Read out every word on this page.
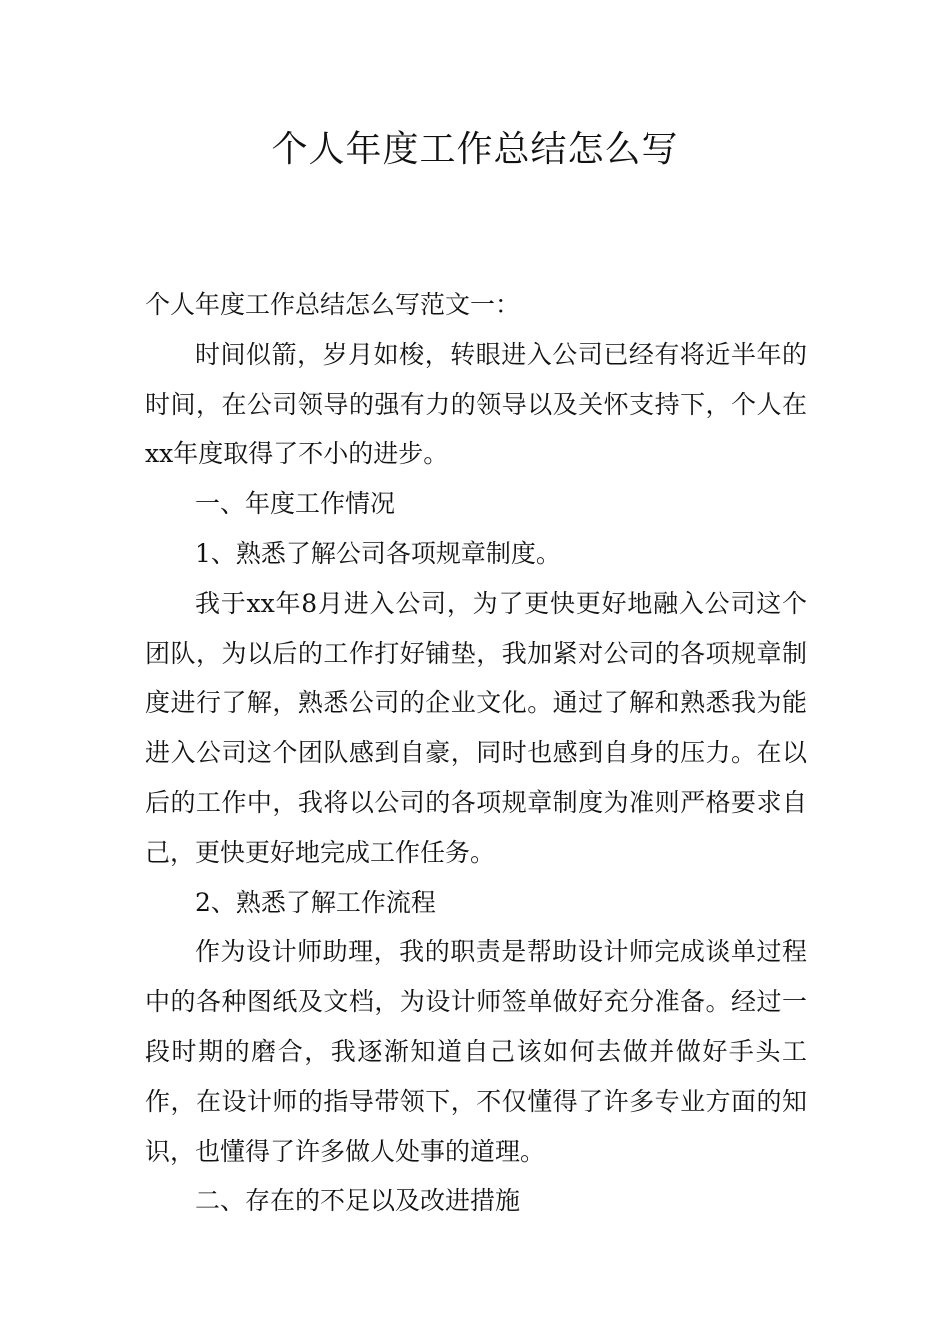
个人年度工作总结怎么写

个人年度工作总结怎么写范文一：

时间似箭，岁月如梭，转眼进入公司已经有将近半年的时间，在公司领导的强有力的领导以及关怀支持下，个人在xx年度取得了不小的进步。

一、年度工作情况

1、熟悉了解公司各项规章制度。

我于xx年8月进入公司，为了更快更好地融入公司这个团队，为以后的工作打好铺垫，我加紧对公司的各项规章制度进行了解，熟悉公司的企业文化。通过了解和熟悉我为能进入公司这个团队感到自豪，同时也感到自身的压力。在以后的工作中，我将以公司的各项规章制度为准则严格要求自己，更快更好地完成工作任务。

2、熟悉了解工作流程

作为设计师助理，我的职责是帮助设计师完成谈单过程中的各种图纸及文档，为设计师签单做好充分准备。经过一段时期的磨合，我逐渐知道自己该如何去做并做好手头工作，在设计师的指导带领下，不仅懂得了许多专业方面的知识，也懂得了许多做人处事的道理。

二、存在的不足以及改进措施
